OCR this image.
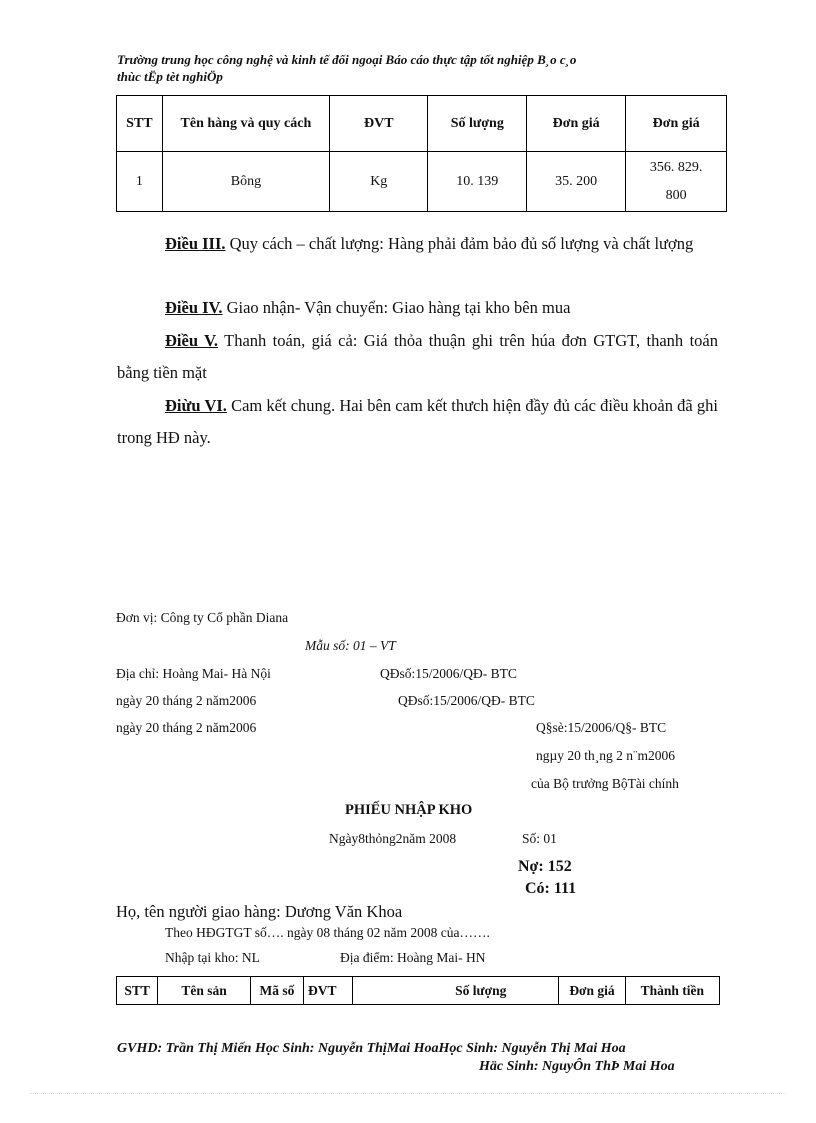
Trường trung học công nghệ và kinh tế đối ngoại Báo cáo thực tập tốt nghiệp B¸o c¸o
thùc tËp tèt nghiÖp
STT	Tên hàng và quy cách	ĐVT	Số lượng	Đơn giá	Đơn giá
1	Bông	Kg	10. 139	35. 200	356. 829. 800
Điều III. Quy cách – chất lượng: Hàng phải đảm bảo đủ số lượng và chất lượng
Điều IV. Giao nhận- Vận chuyển: Giao hàng tại kho bên mua
Điều V. Thanh toán, giá cả: Giá thỏa thuận ghi trên húa đơn GTGT, thanh toán bằng tiền mặt
Điừu VI. Cam kết chung. Hai bên cam kết thưch hiện đầy đủ các điều khoản đã ghi trong HĐ này.
Đơn vị: Công ty Cổ phần Diana
Mẫu số: 01 – VT
Địa chỉ: Hoàng Mai- Hà Nội	QĐsố:15/2006/QĐ- BTC
ngày 20 tháng 2 năm2006	QĐsố:15/2006/QĐ- BTC
ngày 20 tháng 2 năm2006	Q§sè:15/2006/Q§- BTC
ngµy 20 th¸ng 2 n¨m2006
của Bộ trưởng BộTài chính
PHIẾU NHẬP KHO
Ngày8thỏng2năm 2008	Số: 01
Nợ: 152
Có: 111
Họ, tên người giao hàng: Dương Văn Khoa
Theo HĐGTGT số…. ngày 08 tháng 02 năm 2008 của…….
Nhập tại kho: NL	Địa điểm: Hoàng Mai- HN
STT	Tên sản	Mã số	ĐVT	Số lượng	Đơn giá	Thành tiền
GVHD: Trần Thị Miến Học Sinh: Nguyễn ThịMai HoaHọc Sinh: Nguyễn Thị Mai Hoa
Häc Sinh: NguyÔn ThÞ Mai Hoa
